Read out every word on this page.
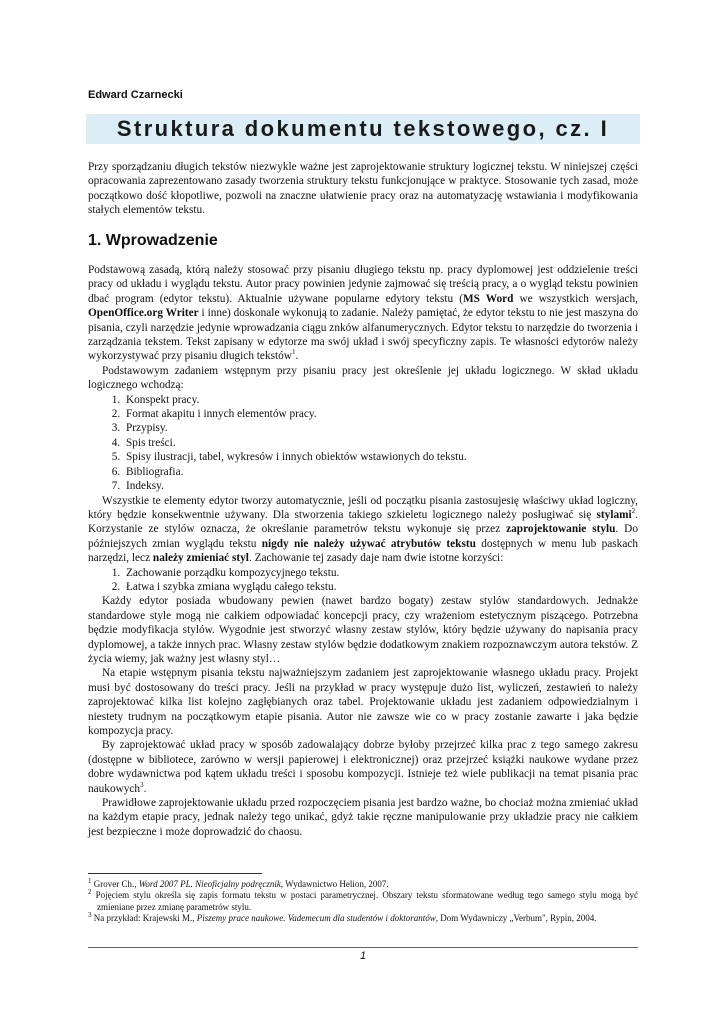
Edward Czarnecki
Struktura dokumentu tekstowego, cz. I

Przy sporządzaniu długich tekstów niezwykle ważne jest zaprojektowanie struktury logicznej tekstu. W niniejszej części opracowania zaprezentowano zasady tworzenia struktury tekstu funkcjonujące w praktyce. Stosowanie tych zasad, może początkowo dość kłopotliwe, pozwoli na znaczne ułatwienie pracy oraz na automatyzację wstawiania i modyfikowania stałych elementów tekstu.

1. Wprowadzenie

Podstawową zasadą, którą należy stosować przy pisaniu długiego tekstu np. pracy dyplomowej jest oddzielenie treści pracy od układu i wyglądu tekstu. Autor pracy powinien jedynie zajmować się treścią pracy, a o wygląd tekstu powinien dbać program (edytor tekstu). Aktualnie używane popularne edytory tekstu (MS Word we wszystkich wersjach, OpenOffice.org Writer i inne) doskonale wykonują to zadanie. Należy pamiętać, że edytor tekstu to nie jest maszyna do pisania, czyli narzędzie jedynie wprowadzania ciągu znków alfanumerycznych. Edytor tekstu to narzędzie do tworzenia i zarządzania tekstem. Tekst zapisany w edytorze ma swój układ i swój specyficzny zapis. Te własności edytorów należy wykorzystywać przy pisaniu długich tekstów$^1$.

Podstawowym zadaniem wstępnym przy pisaniu pracy jest określenie jej układu logicznego. W skład układu logicznego wchodzą:

1. Konspekt pracy.
2. Format akapitu i innych elementów pracy.
3. Przypisy.
4. Spis treści.
5. Spisy ilustracji, tabel, wykresów i innych obiektów wstawionych do tekstu.
6. Bibliografia.
7. Indeksy.

Wszystkie te elementy edytor tworzy automatycznie, jeśli od początku pisania zastosujesię właściwy układ logiczny, który będzie konsekwentnie używany. Dla stworzenia takiego szkieletu logicznego należy posługiwać się stylami$^2$. Korzystanie ze stylów oznacza, że określanie parametrów tekstu wykonuje się przez zaprojektowanie stylu. Do późniejszych zmian wyglądu tekstu nigdy nie należy używać atrybutów tekstu dostępnych w menu lub paskach narzędzi, lecz należy zmieniać styl. Zachowanie tej zasady daje nam dwie istotne korzyści:

1. Zachowanie porządku kompozycyjnego tekstu.
2. Łatwa i szybka zmiana wyglądu całego tekstu.

Każdy edytor posiada wbudowany pewien (nawet bardzo bogaty) zestaw stylów standardowych. Jednakże standardowe style mogą nie całkiem odpowiadać koncepcji pracy, czy wrażeniom estetycznym piszącego. Potrzebna będzie modyfikacja stylów. Wygodnie jest stworzyć własny zestaw stylów, który będzie używany do napisania pracy dyplomowej, a także innych prac. Własny zestaw stylów będzie dodatkowym znakiem rozpoznawczym autora tekstów. Z życia wiemy, jak ważny jest własny styl…

Na etapie wstępnym pisania tekstu najważniejszym zadaniem jest zaprojektowanie własnego układu pracy. Projekt musi być dostosowany do treści pracy. Jeśli na przykład w pracy występuje dużo list, wyliczeń, zestawień to należy zaprojektować kilka list kolejno zagłębianych oraz tabel. Projektowanie układu jest zadaniem odpowiedzialnym i niestety trudnym na początkowym etapie pisania. Autor nie zawsze wie co w pracy zostanie zawarte i jaka będzie kompozycja pracy.

By zaprojektować układ pracy w sposób zadowalający dobrze byłoby przejrzeć kilka prac z tego samego zakresu (dostępne w bibliotece, zarówno w wersji papierowej i elektronicznej) oraz przejrzeć książki naukowe wydane przez dobre wydawnictwa pod kątem układu treści i sposobu kompozycji. Istnieje też wiele publikacji na temat pisania prac naukowych$^3$.

Prawidłowe zaprojektowanie układu przed rozpoczęciem pisania jest bardzo ważne, bo chociaż można zmieniać układ na każdym etapie pracy, jednak należy tego unikać, gdyż takie ręczne manipulowanie przy układzie pracy nie całkiem jest bezpieczne i może doprowadzić do chaosu.

$^1$ Grover Ch., Word 2007 PL. Nieoficjalny podręcznik, Wydawnictwo Helion, 2007.

$^2$ Pojęciem stylu określa się zapis formatu tekstu w postaci parametrycznej. Obszary tekstu sformatowane według tego samego stylu mogą być zmieniane przez zmianę parametrów stylu.

$^3$ Na przykład: Krajewski M., Piszemy prace naukowe. Vademecum dla studentów i doktorantów, Dom Wydawniczy „Verbum", Rypin, 2004.

1
